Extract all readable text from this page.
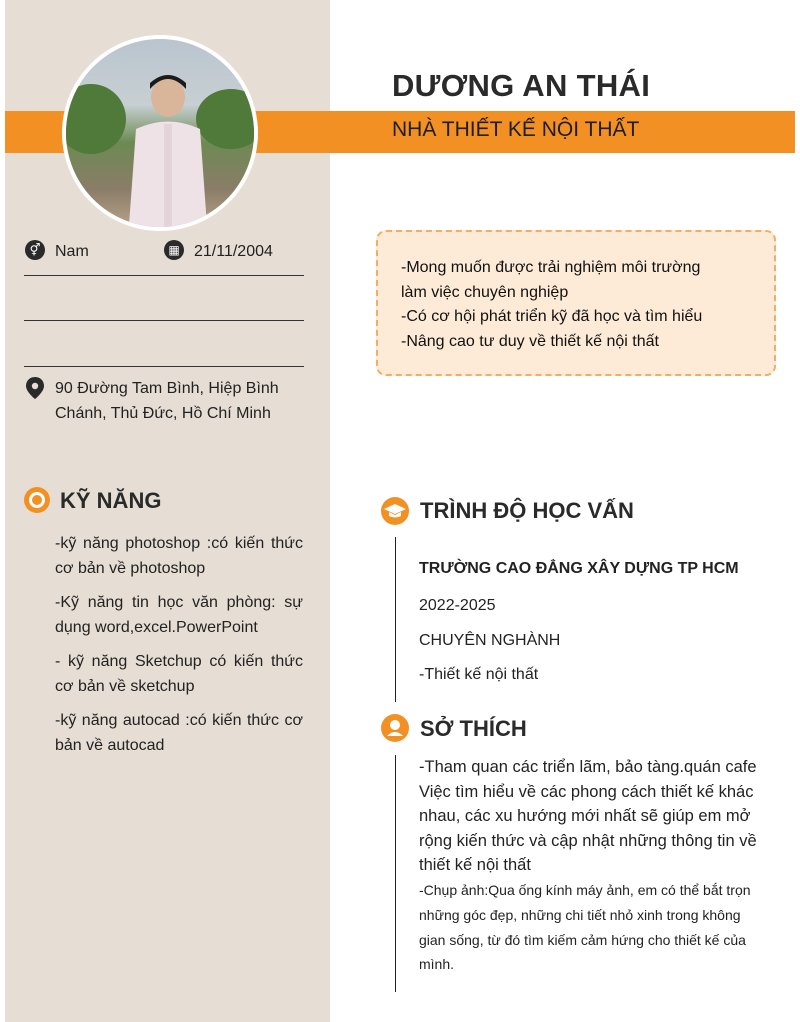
DƯƠNG AN THÁI
NHÀ THIẾT KẾ NỘI THẤT
⚥ Nam	▦ 21/11/2004
90 Đường Tam Bình, Hiệp Bình Chánh, Thủ Đức, Hồ Chí Minh
KỸ NĂNG

-kỹ năng photoshop :có kiến thức cơ bản về photoshop

-Kỹ năng tin học văn phòng: sự dụng word,excel.PowerPoint

- kỹ năng Sketchup có kiến thức cơ bản về sketchup

-kỹ năng autocad :có kiến thức cơ bản về autocad

-Mong muốn được trải nghiệm môi trường
làm việc chuyên nghiệp
-Có cơ hội phát triển kỹ đã học và tìm hiểu
-Nâng cao tư duy về thiết kế nội thất
TRÌNH ĐỘ HỌC VẤN
TRƯỜNG CAO ĐẲNG XÂY DỰNG TP HCM
2022-2025
CHUYÊN NGHÀNH
-Thiết kế nội thất
SỞ THÍCH
-Tham quan các triển lãm, bảo tàng.quán cafe Việc tìm hiểu về các phong cách thiết kế khác nhau, các xu hướng mới nhất sẽ giúp em mở rộng kiến thức và cập nhật những thông tin về thiết kế nội thất
-Chụp ảnh:Qua ống kính máy ảnh, em có thể bắt trọn những góc đẹp, những chi tiết nhỏ xinh trong không gian sống, từ đó tìm kiếm cảm hứng cho thiết kế của mình.
